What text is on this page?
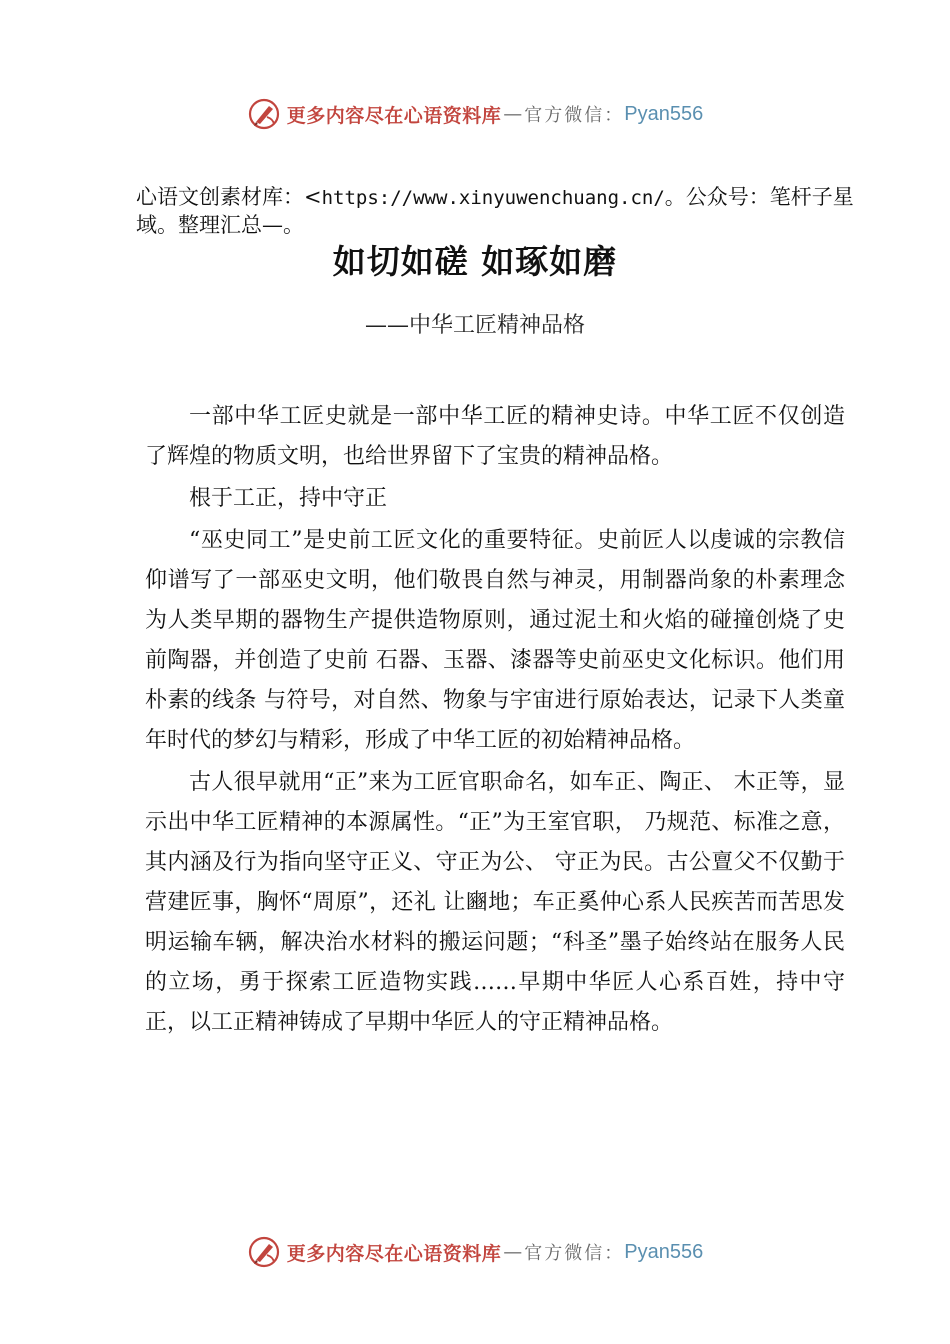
更多内容尽在心语资料库 — 官方微信： Pyan556
心语文创素材库：<https://www.xinyuwenchuang.cn/。公众号：笔杆子星域。整理汇总—。
如切如磋 如琢如磨
——中华工匠精神品格

一部中华工匠史就是一部中华工匠的精神史诗。中华工匠不仅创造了辉煌的物质文明，也给世界留下了宝贵的精神品格。

根于工正，持中守正

“巫史同工”是史前工匠文化的重要特征。史前匠人以虔诚的宗教信仰谱写了一部巫史文明，他们敬畏自然与神灵，用制器尚象的朴素理念为人类早期的器物生产提供造物原则，通过泥土和火焰的碰撞创烧了史前陶器，并创造了史前 石器、玉器、漆器等史前巫史文化标识。他们用朴素的线条 与符号，对自然、物象与宇宙进行原始表达，记录下人类童 年时代的梦幻与精彩，形成了中华工匠的初始精神品格。

古人很早就用“正”来为工匠官职命名，如车正、陶正、 木正等，显示出中华工匠精神的本源属性。“正”为王室官职， 乃规范、标准之意，其内涵及行为指向坚守正义、守正为公、 守正为民。古公亶父不仅勤于营建匠事，胸怀“周原”，还礼 让豳地；车正奚仲心系人民疾苦而苦思发明运输车辆，解决治水材料的搬运问题；“科圣”墨子始终站在服务人民的立场，勇于探索工匠造物实践……早期中华匠人心系百姓，持中守 正，以工正精神铸成了早期中华匠人的守正精神品格。

更多内容尽在心语资料库 — 官方微信： Pyan556
